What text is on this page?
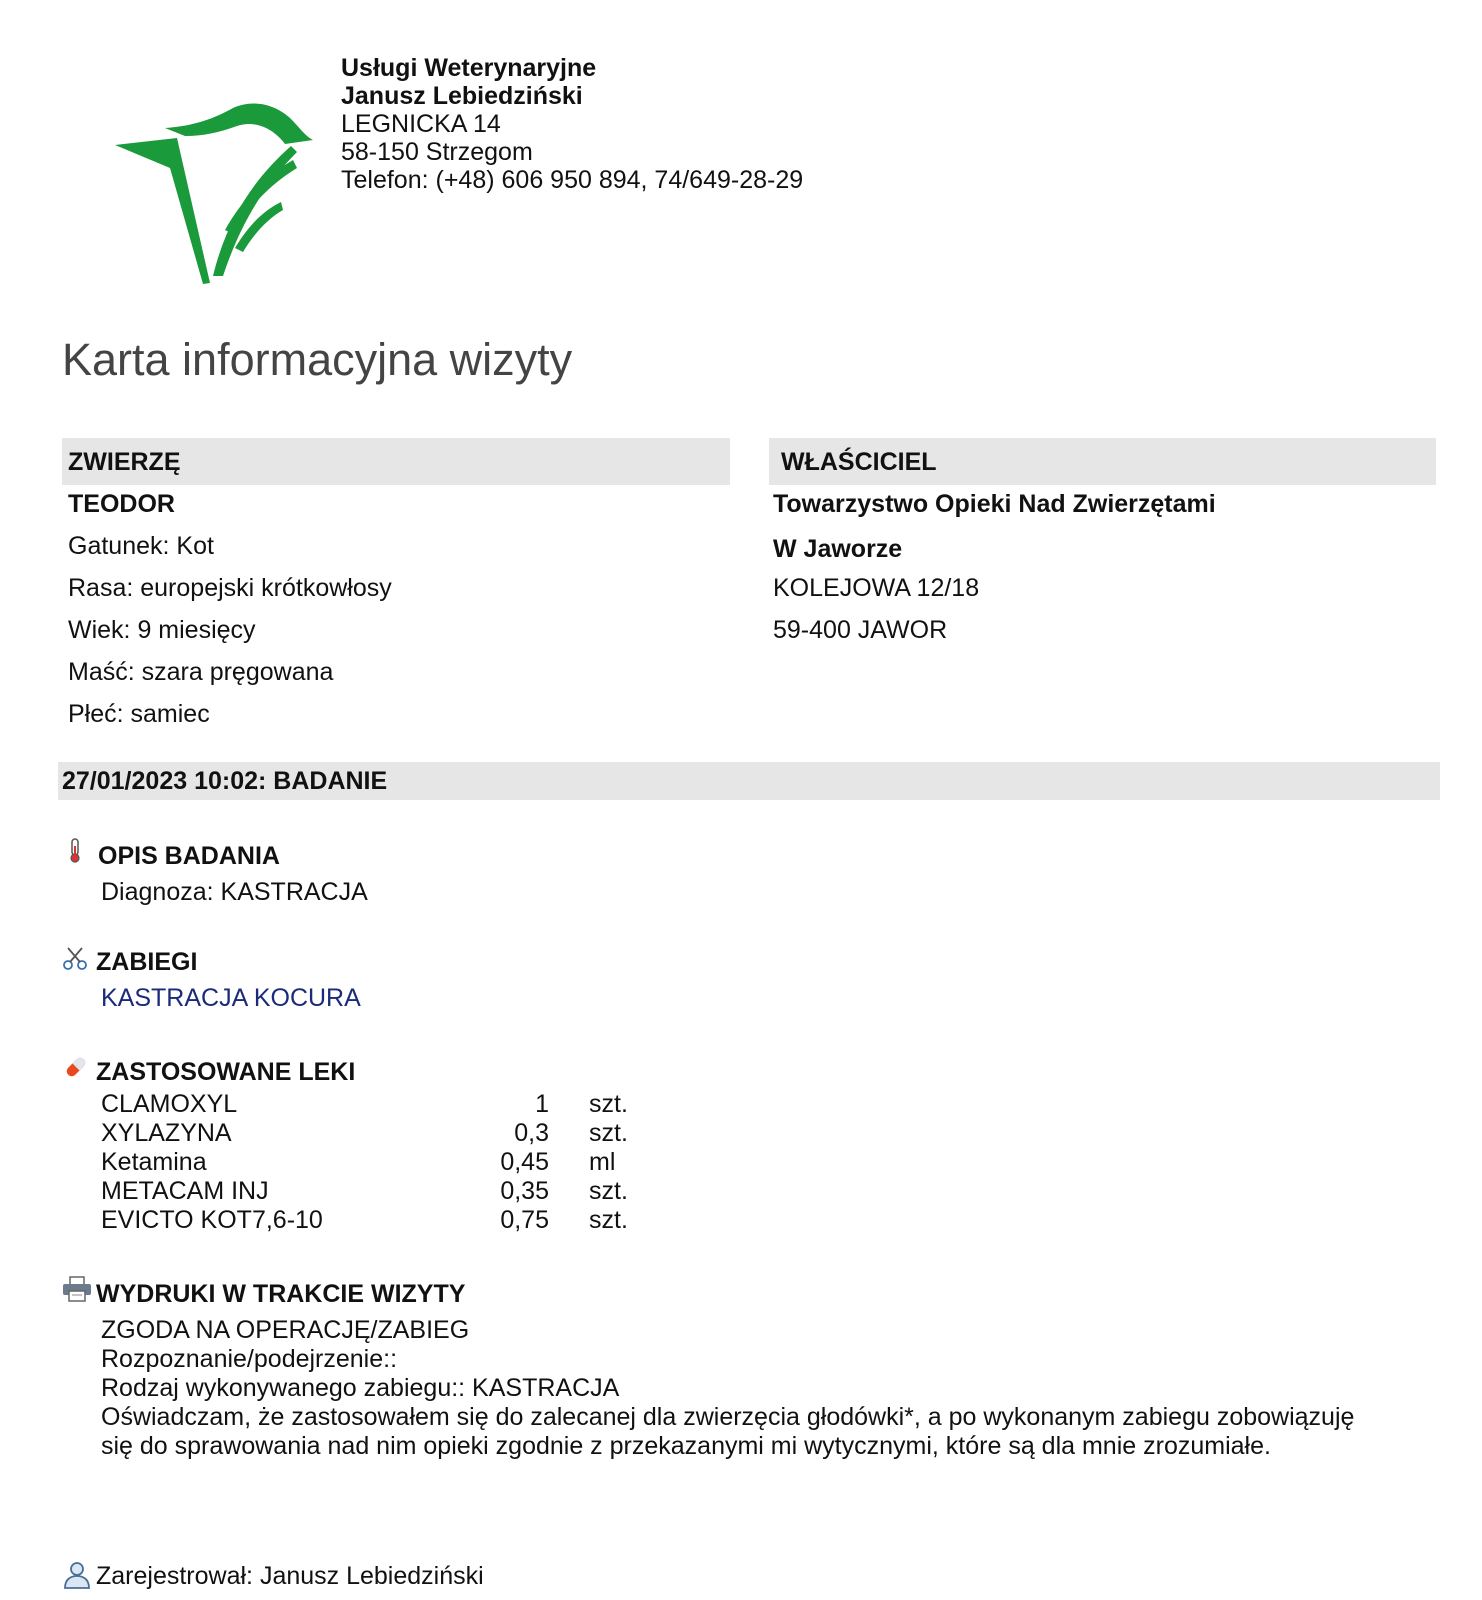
Usługi Weterynaryjne
Janusz Lebiedziński
LEGNICKA 14
58-150 Strzegom
Telefon: (+48) 606 950 894, 74/649-28-29
Karta informacyjna wizyty
ZWIERZĘ
TEODOR
Gatunek: Kot
Rasa: europejski krótkowłosy
Wiek: 9 miesięcy
Maść: szara pręgowana
Płeć: samiec
WŁAŚCICIEL
Towarzystwo Opieki Nad Zwierzętami
W Jaworze
KOLEJOWA 12/18
59-400 JAWOR
27/01/2023 10:02: BADANIE
OPIS BADANIA
Diagnoza: KASTRACJA
ZABIEGI
KASTRACJA KOCURA
ZASTOSOWANE LEKI
CLAMOXYL	1	szt.
XYLAZYNA	0,3	szt.
Ketamina	0,45	ml
METACAM INJ	0,35	szt.
EVICTO KOT7,6-10	0,75	szt.
WYDRUKI W TRAKCIE WIZYTY
ZGODA NA OPERACJĘ/ZABIEG
Rozpoznanie/podejrzenie::
Rodzaj wykonywanego zabiegu:: KASTRACJA
Oświadczam, że zastosowałem się do zalecanej dla zwierzęcia głodówki*, a po wykonanym zabiegu zobowiązuję
się do sprawowania nad nim opieki zgodnie z przekazanymi mi wytycznymi, które są dla mnie zrozumiałe.
Zarejestrował: Janusz Lebiedziński
